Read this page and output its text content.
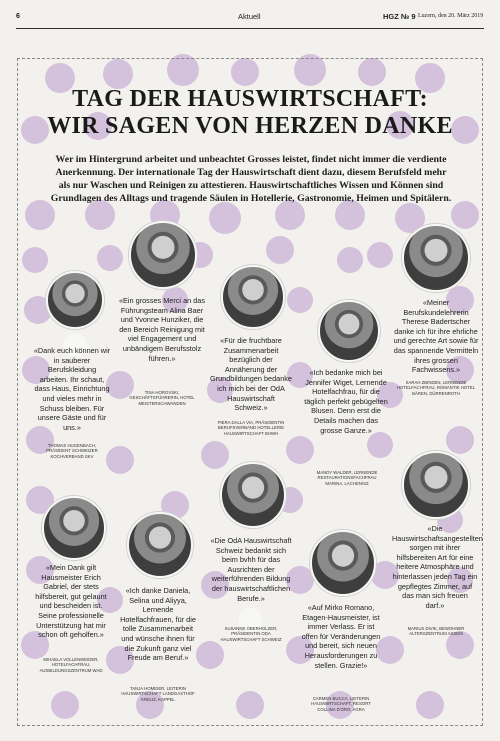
6	Aktuell	HGZ № 9 Luzern, den 20. März 2019
TAG DER HAUSWIRTSCHAFT:
WIR SAGEN VON HERZEN DANKE
Wer im Hintergrund arbeitet und unbeachtet Grosses leistet, findet nicht immer die verdiente Anerkennung. Der internationale Tag der Hauswirtschaft dient dazu, diesem Berufsfeld mehr als nur Waschen und Reinigen zu attestieren. Hauswirtschaftliches Wissen und Können sind Grundlagen des Alltags und tragende Säulen in Hotellerie, Gastronomie, Heimen und Spitälern.
«Dank euch können wir in sauberer Berufskleidung arbeiten. Ihr schaut, dass Haus, Einrichtung und vieles mehr in Schuss bleiben. Für unsere Gäste und für uns.»
THOMAS HUGENBACH, PRÄSIDENT SCHWEIZER KOCHVERBAND SKV
«Ein grosses Merci an das Führungsteam Alina Baer und Yvonne Hunziker, die den Bereich Reinigung mit viel Engagement und unbändigem Berufsstolz führen.»
TINA HOROVSKI, GESCHÄFTSFÜHRERIN, HOTEL MEISTERSCHWANDEN
«Für die fruchtbare Zusammenarbeit bezüglich der Annäherung der Grundbildungen bedanke ich mich bei der OdA Hauswirtschaft Schweiz.»
PIERA DALLA VIA, PRÄSIDENTIN BERUFSVERBAND HOTELLERIE HAUSWIRTSCHAFT BHWH
«Ich bedanke mich bei Jennifer Wiget, Lernende Hotelfachfrau, für die täglich perfekt gebügelten Blusen. Denn erst die Details machen das grosse Ganze.»
MANDY WALDER, LERNENDE RESTAURATIONSFACHFRAU MARINA, LACHEN/SZ
«Meiner Berufskundelehrerin Therese Badertscher danke ich für ihre ehrliche und gerechte Art sowie für das spannende Vermitteln ihres grossen Fachwissens.»
SARAH ZBINDEN, LERNENDE HOTELFACHFRAU, ROMANTIK HOTEL BÄREN, DÜRRENROTH
«Mein Dank gilt Hausmeister Erich Gabriel, der stets hilfsbereit, gut gelaunt und bescheiden ist. Seine professionelle Unterstützung hat mir schon oft geholfen.»
MIHAELA VOLLENWEIDER, HOTELFACHFRAU, AUSBILDUNGSZENTRUM WAD
«Ich danke Daniela, Selina und Aliyya, Lernende Hotelfachfrauen, für die tolle Zusammenarbeit und wünsche ihnen für die Zukunft ganz viel Freude am Beruf.»
TANJA HOMEIER, LEITERIN HAUSWIRTSCHAFT LANDGASTHOF KREUZ, KAPPEL
«Die OdA Hauswirtschaft Schweiz bedankt sich beim bvhh für das Ausrichten der weiterführenden Bildung der hauswirtschaftlichen Berufe.»
SUSANNE OBERHOLZER, PRÄSIDENTIN ODA HAUSWIRTSCHAFT SCHWEIZ
«Auf Mirko Romano, Etagen-Hausmeister, ist immer Verlass. Er ist offen für Veränderungen und bereit, sich neuen Herausforderungen zu stellen. Grazie!»
CARMEN BUCCA, LEITERIN HAUSWIRTSCHAFT, RESORT COLLINA D'ORO, AGRA
«Die Hauswirtschaftsangestellten sorgen mit ihrer hilfsbereiten Art für eine heitere Atmosphäre und hinterlassen jeden Tag ein gepflegtes Zimmer, auf das man sich freuen darf.»
MARIUS DIVIK, BEWOHNER ALTERSZENTRUM ASSEM
